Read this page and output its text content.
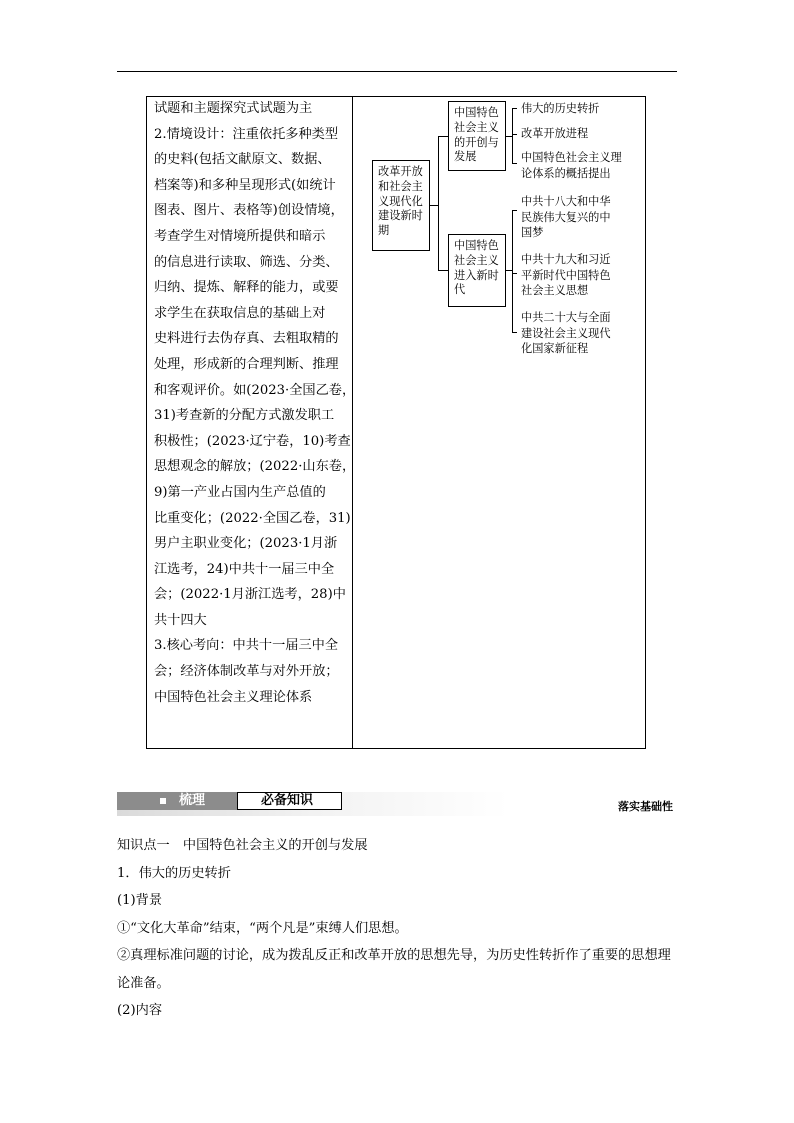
试题和主题探究式试题为主
2.情境设计：注重依托多种类型
的史料(包括文献原文、数据、
档案等)和多种呈现形式(如统计
图表、图片、表格等)创设情境，
考查学生对情境所提供和暗示
的信息进行读取、筛选、分类、
归纳、提炼、解释的能力，或要
求学生在获取信息的基础上对
史料进行去伪存真、去粗取精的
处理，形成新的合理判断、推理
和客观评价。如(2023·全国乙卷，
31)考查新的分配方式激发职工
积极性；(2023·辽宁卷，10)考查
思想观念的解放；(2022·山东卷，
9)第一产业占国内生产总值的
比重变化；(2022·全国乙卷，31)
男户主职业变化；(2023·1月浙
江选考，24)中共十一届三中全
会；(2022·1月浙江选考，28)中
共十四大
3.核心考向：中共十一届三中全
会；经济体制改革与对外开放；
中国特色社会主义理论体系
改革开放
和社会主
义现代化
建设新时
期
中国特色
社会主义
的开创与
发展
伟大的历史转折
改革开放进程
中国特色社会主义理
论体系的概括提出
中国特色
社会主义
进入新时
代
中共十八大和中华
民族伟大复兴的中
国梦
中共十九大和习近
平新时代中国特色
社会主义思想
中共二十大与全面
建设社会主义现代
化国家新征程
梳理	必备知识	落实基础性
知识点一　中国特色社会主义的开创与发展
1．伟大的历史转折
(1)背景
①“文化大革命”结束，“两个凡是”束缚人们思想。
②真理标准问题的讨论，成为拨乱反正和改革开放的思想先导，为历史性转折作了重要的思想理论准备。
(2)内容
